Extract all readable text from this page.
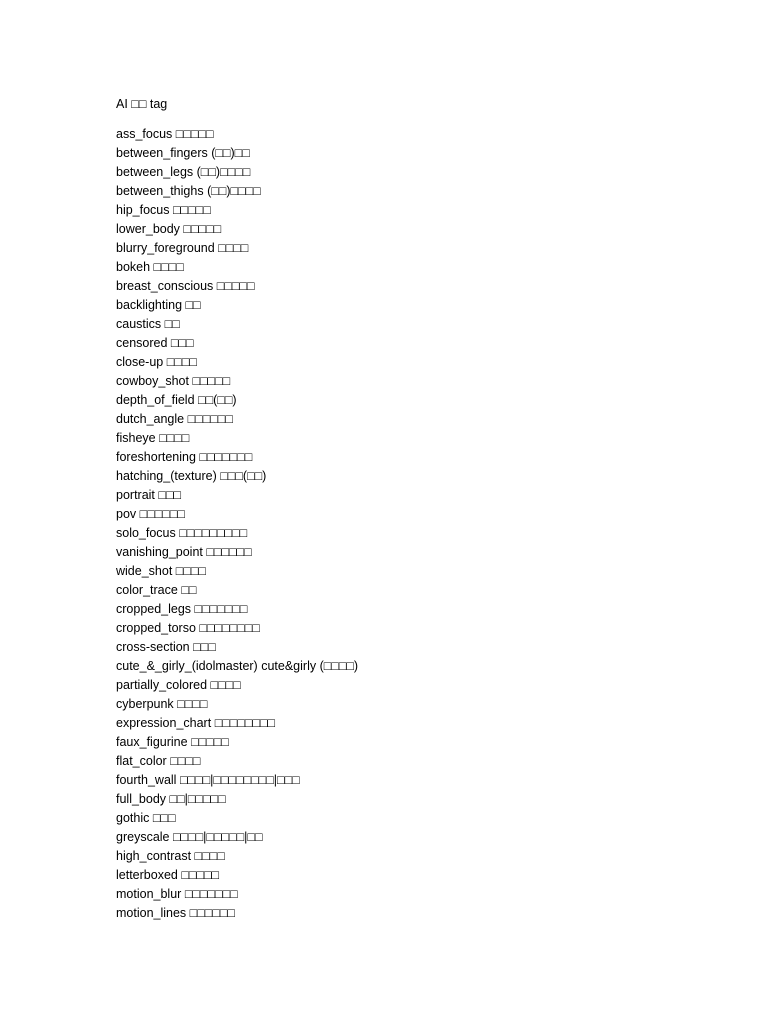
AI □□ tag
ass_focus □□□□□
between_fingers (□□)□□
between_legs (□□)□□□□
between_thighs (□□)□□□□
hip_focus □□□□□
lower_body □□□□□
blurry_foreground □□□□
bokeh □□□□
breast_conscious □□□□□
backlighting □□
caustics □□
censored □□□
close-up □□□□
cowboy_shot □□□□□
depth_of_field □□(□□)
dutch_angle □□□□□□
fisheye □□□□
foreshortening □□□□□□□
hatching_(texture) □□□(□□)
portrait □□□
pov □□□□□□
solo_focus □□□□□□□□□
vanishing_point □□□□□□
wide_shot □□□□
color_trace □□
cropped_legs □□□□□□□
cropped_torso □□□□□□□□
cross-section □□□
cute_&_girly_(idolmaster) cute&girly (□□□□)
partially_colored □□□□
cyberpunk □□□□
expression_chart □□□□□□□□
faux_figurine □□□□□
flat_color □□□□
fourth_wall □□□□|□□□□□□□□|□□□
full_body □□|□□□□□
gothic □□□
greyscale □□□□|□□□□□|□□
high_contrast □□□□
letterboxed □□□□□
motion_blur □□□□□□□
motion_lines □□□□□□
